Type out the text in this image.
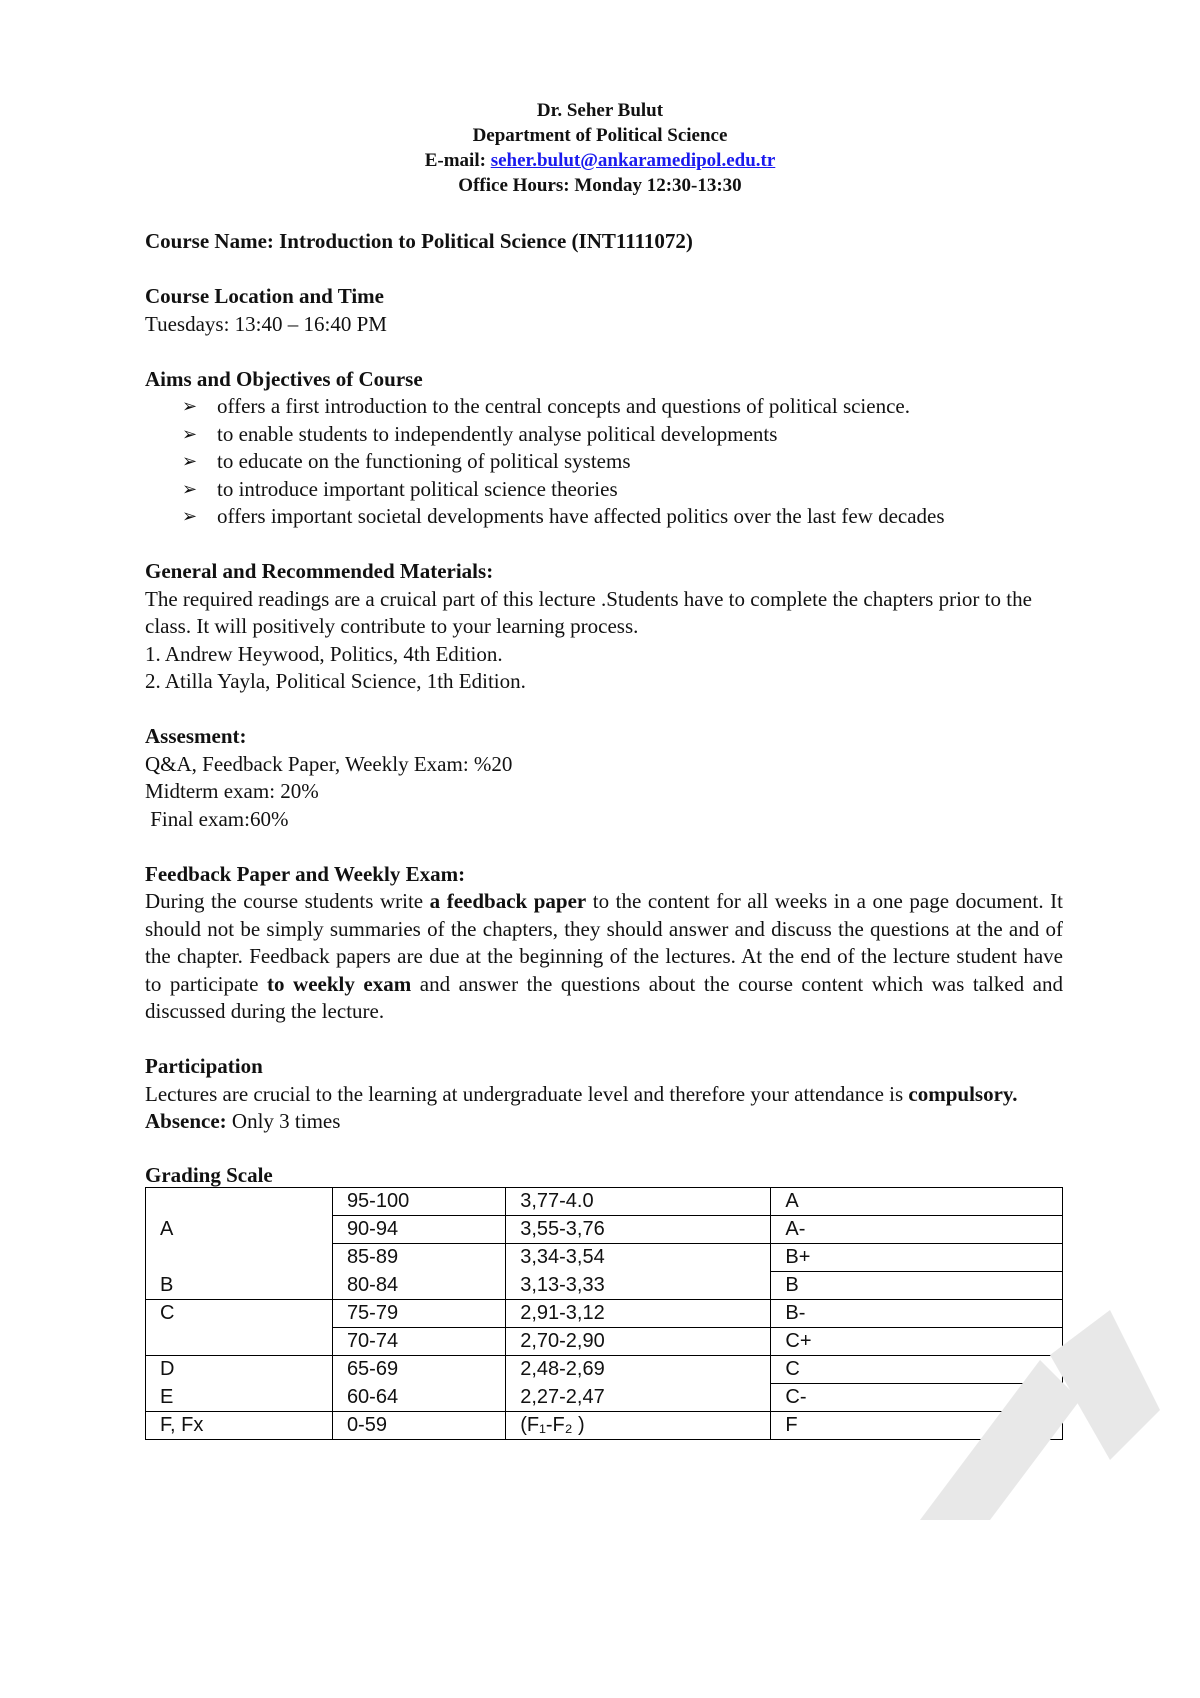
Dr. Seher Bulut
Department of Political Science
E-mail: seher.bulut@ankaramedipol.edu.tr
Office Hours: Monday 12:30-13:30
Course Name: Introduction to Political Science (INT1111072)
Course Location and Time
Tuesdays: 13:40 – 16:40 PM
Aims and Objectives of Course
➢ offers a first introduction to the central concepts and questions of political science.
➢ to enable students to independently analyse political developments
➢ to educate on the functioning of political systems
➢ to introduce important political science theories
➢ offers important societal developments have affected politics over the last few decades
General and Recommended Materials:
The required readings are a cruical part of this lecture .Students have to complete the chapters prior to the class. It will positively contribute to your learning process.
1. Andrew Heywood, Politics, 4th Edition.
2. Atilla Yayla, Political Science, 1th Edition.
Assesment:
Q&A, Feedback Paper, Weekly Exam: %20
Midterm exam: 20%
Final exam:60%
Feedback Paper and Weekly Exam:
During the course students write a feedback paper to the content for all weeks in a one page document. It should not be simply summaries of the chapters, they should answer and discuss the questions at the and of the chapter. Feedback papers are due at the beginning of the lectures. At the end of the lecture student have to participate to weekly exam and answer the questions about the course content which was talked and discussed during the lecture.
Participation
Lectures are crucial to the learning at undergraduate level and therefore your attendance is compulsory.
Absence: Only 3 times
Grading Scale
	95-100	3,77-4.0	A
A	90-94	3,55-3,76	A-
	85-89	3,34-3,54	B+
B	80-84	3,13-3,33	B
C	75-79	2,91-3,12	B-
	70-74	2,70-2,90	C+
D	65-69	2,48-2,69	C
E	60-64	2,27-2,47	C-
F, Fx	0-59	(F₁-F₂ )	F
